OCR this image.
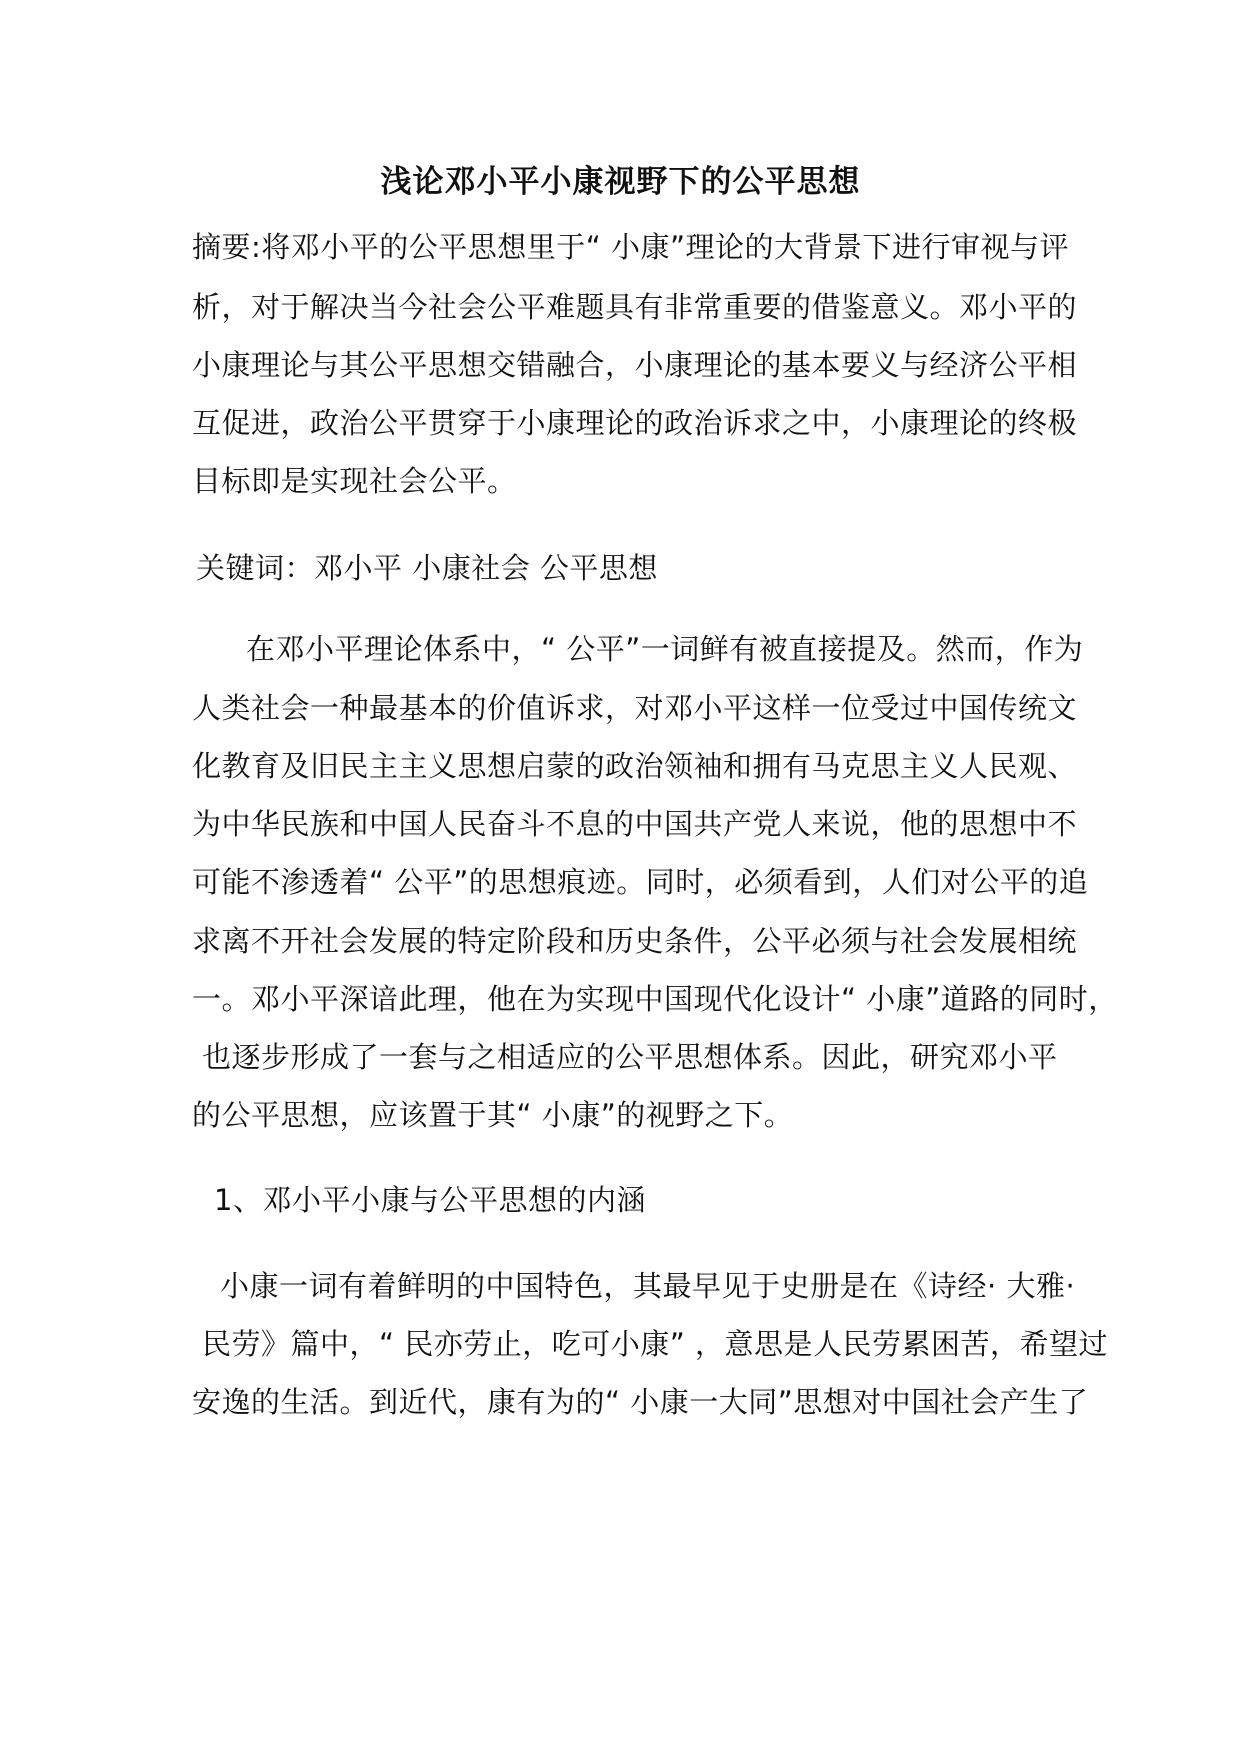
浅论邓小平小康视野下的公平思想
摘要:将邓小平的公平思想里于“ 小康”理论的大背景下进行审视与评
析，对于解决当今社会公平难题具有非常重要的借鉴意义。邓小平的
小康理论与其公平思想交错融合，小康理论的基本要义与经济公平相
互促进，政治公平贯穿于小康理论的政治诉求之中，小康理论的终极
目标即是实现社会公平。
关键词：邓小平 小康社会 公平思想
在邓小平理论体系中，“ 公平”一词鲜有被直接提及。然而，作为
人类社会一种最基本的价值诉求，对邓小平这样一位受过中国传统文
化教育及旧民主主义思想启蒙的政治领袖和拥有马克思主义人民观、
为中华民族和中国人民奋斗不息的中国共产党人来说，他的思想中不
可能不渗透着“ 公平”的思想痕迹。同时，必须看到，人们对公平的追
求离不开社会发展的特定阶段和历史条件，公平必须与社会发展相统
一。邓小平深谙此理，他在为实现中国现代化设计“ 小康”道路的同时，
也逐步形成了一套与之相适应的公平思想体系。因此，研究邓小平
的公平思想，应该置于其“ 小康”的视野之下。
1、邓小平小康与公平思想的内涵
小康一词有着鲜明的中国特色，其最早见于史册是在《诗经· 大雅·
民劳》篇中，“ 民亦劳止，吃可小康” ，意思是人民劳累困苦，希望过
安逸的生活。到近代，康有为的“ 小康一大同”思想对中国社会产生了
